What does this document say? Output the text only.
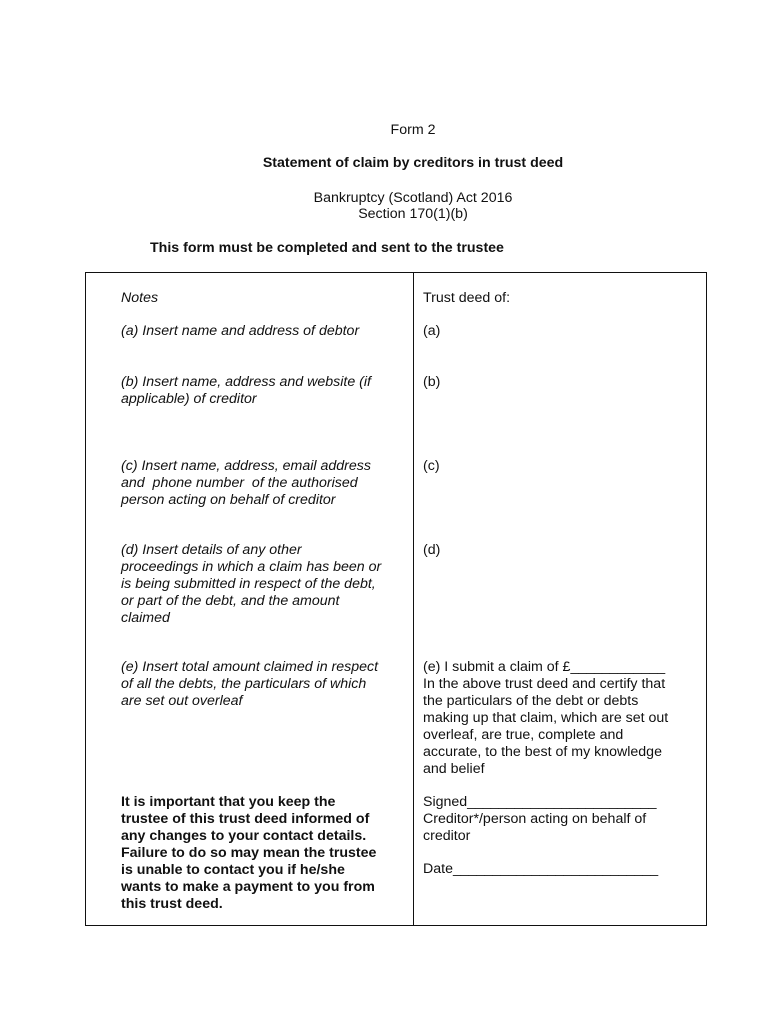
Form 2
Statement of claim by creditors in trust deed
Bankruptcy (Scotland) Act 2016
Section 170(1)(b)
This form must be completed and sent to the trustee
Notes
(a) Insert name and address of debtor
(b) Insert name, address and website (if
applicable) of creditor
(c) Insert name, address, email address
and  phone number  of the authorised
person acting on behalf of creditor
(d) Insert details of any other
proceedings in which a claim has been or
is being submitted in respect of the debt,
or part of the debt, and the amount
claimed
(e) Insert total amount claimed in respect
of all the debts, the particulars of which
are set out overleaf
It is important that you keep the
trustee of this trust deed informed of
any changes to your contact details.
Failure to do so may mean the trustee
is unable to contact you if he/she
wants to make a payment to you from
this trust deed.
Trust deed of:
(a)
(b)
(c)
(d)
(e) I submit a claim of £____________
In the above trust deed and certify that
the particulars of the debt or debts
making up that claim, which are set out
overleaf, are true, complete and
accurate, to the best of my knowledge
and belief
Signed________________________
Creditor*/person acting on behalf of
creditor
Date__________________________
